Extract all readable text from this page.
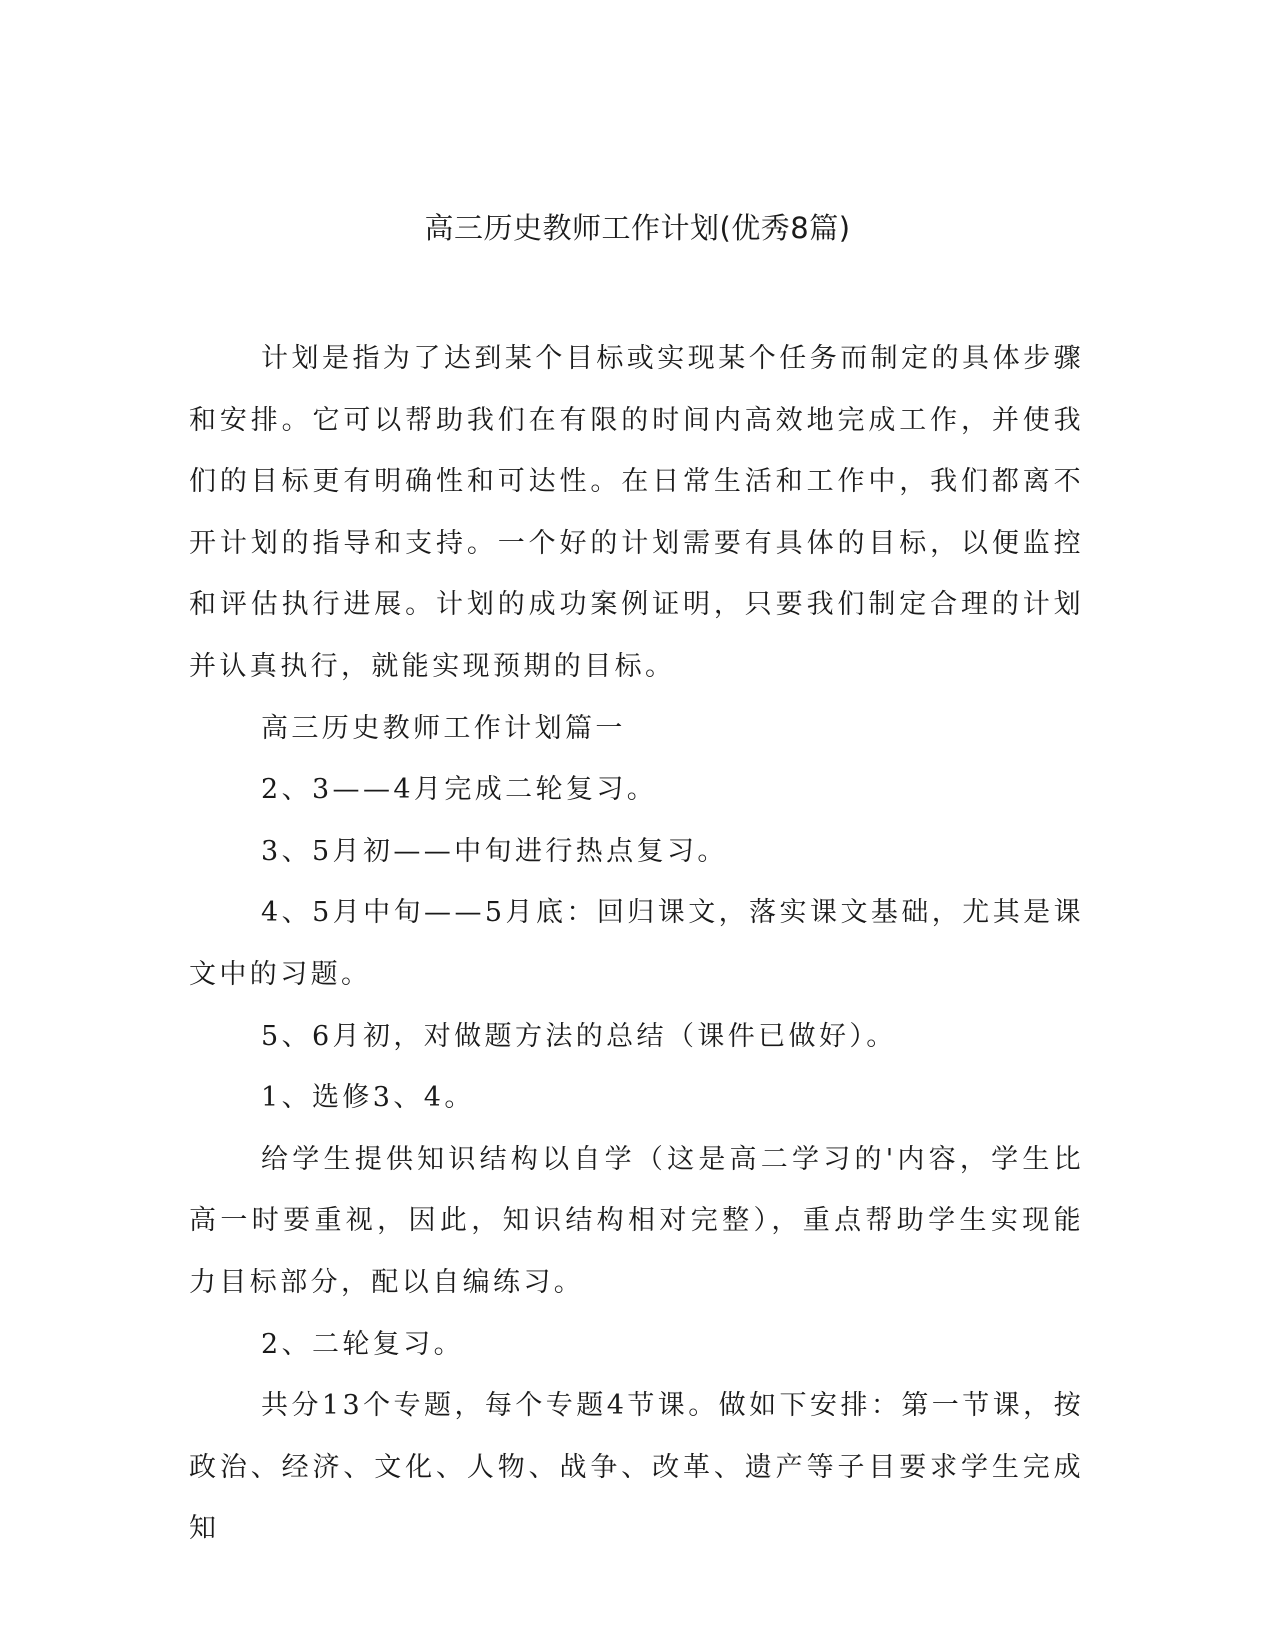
高三历史教师工作计划(优秀8篇)

计划是指为了达到某个目标或实现某个任务而制定的具体步骤和安排。它可以帮助我们在有限的时间内高效地完成工作，并使我们的目标更有明确性和可达性。在日常生活和工作中，我们都离不开计划的指导和支持。一个好的计划需要有具体的目标，以便监控和评估执行进展。计划的成功案例证明，只要我们制定合理的计划并认真执行，就能实现预期的目标。

高三历史教师工作计划篇一

2、3——4月完成二轮复习。

3、5月初——中旬进行热点复习。

4、5月中旬——5月底：回归课文，落实课文基础，尤其是课文中的习题。

5、6月初，对做题方法的总结（课件已做好）。

1、选修3、4。

给学生提供知识结构以自学（这是高二学习的'内容，学生比高一时要重视，因此，知识结构相对完整），重点帮助学生实现能力目标部分，配以自编练习。

2、二轮复习。

共分13个专题，每个专题4节课。做如下安排：第一节课，按政治、经济、文化、人物、战争、改革、遗产等子目要求学生完成知
